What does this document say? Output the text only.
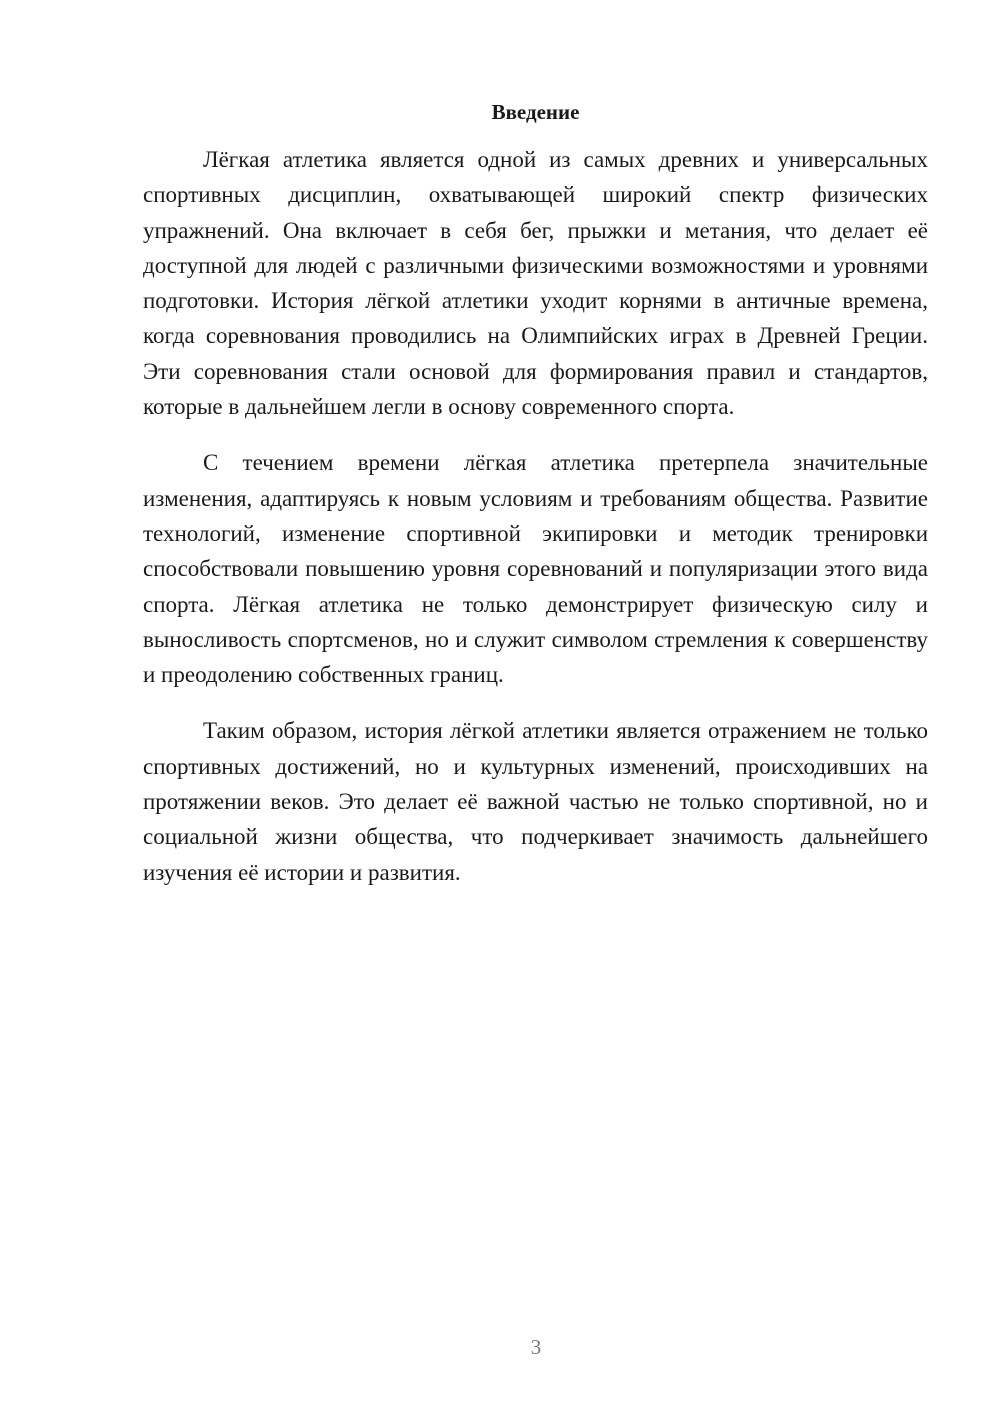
Введение

Лёгкая атлетика является одной из самых древних и универсальных спортивных дисциплин, охватывающей широкий спектр физических упражнений. Она включает в себя бег, прыжки и метания, что делает её доступной для людей с различными физическими возможностями и уровнями подготовки. История лёгкой атлетики уходит корнями в античные времена, когда соревнования проводились на Олимпийских играх в Древней Греции. Эти соревнования стали основой для формирования правил и стандартов, которые в дальнейшем легли в основу современного спорта.

С течением времени лёгкая атлетика претерпела значительные изменения, адаптируясь к новым условиям и требованиям общества. Развитие технологий, изменение спортивной экипировки и методик тренировки способствовали повышению уровня соревнований и популяризации этого вида спорта. Лёгкая атлетика не только демонстрирует физическую силу и выносливость спортсменов, но и служит символом стремления к совершенству и преодолению собственных границ.

Таким образом, история лёгкой атлетики является отражением не только спортивных достижений, но и культурных изменений, происходивших на протяжении веков. Это делает её важной частью не только спортивной, но и социальной жизни общества, что подчеркивает значимость дальнейшего изучения её истории и развития.

3
